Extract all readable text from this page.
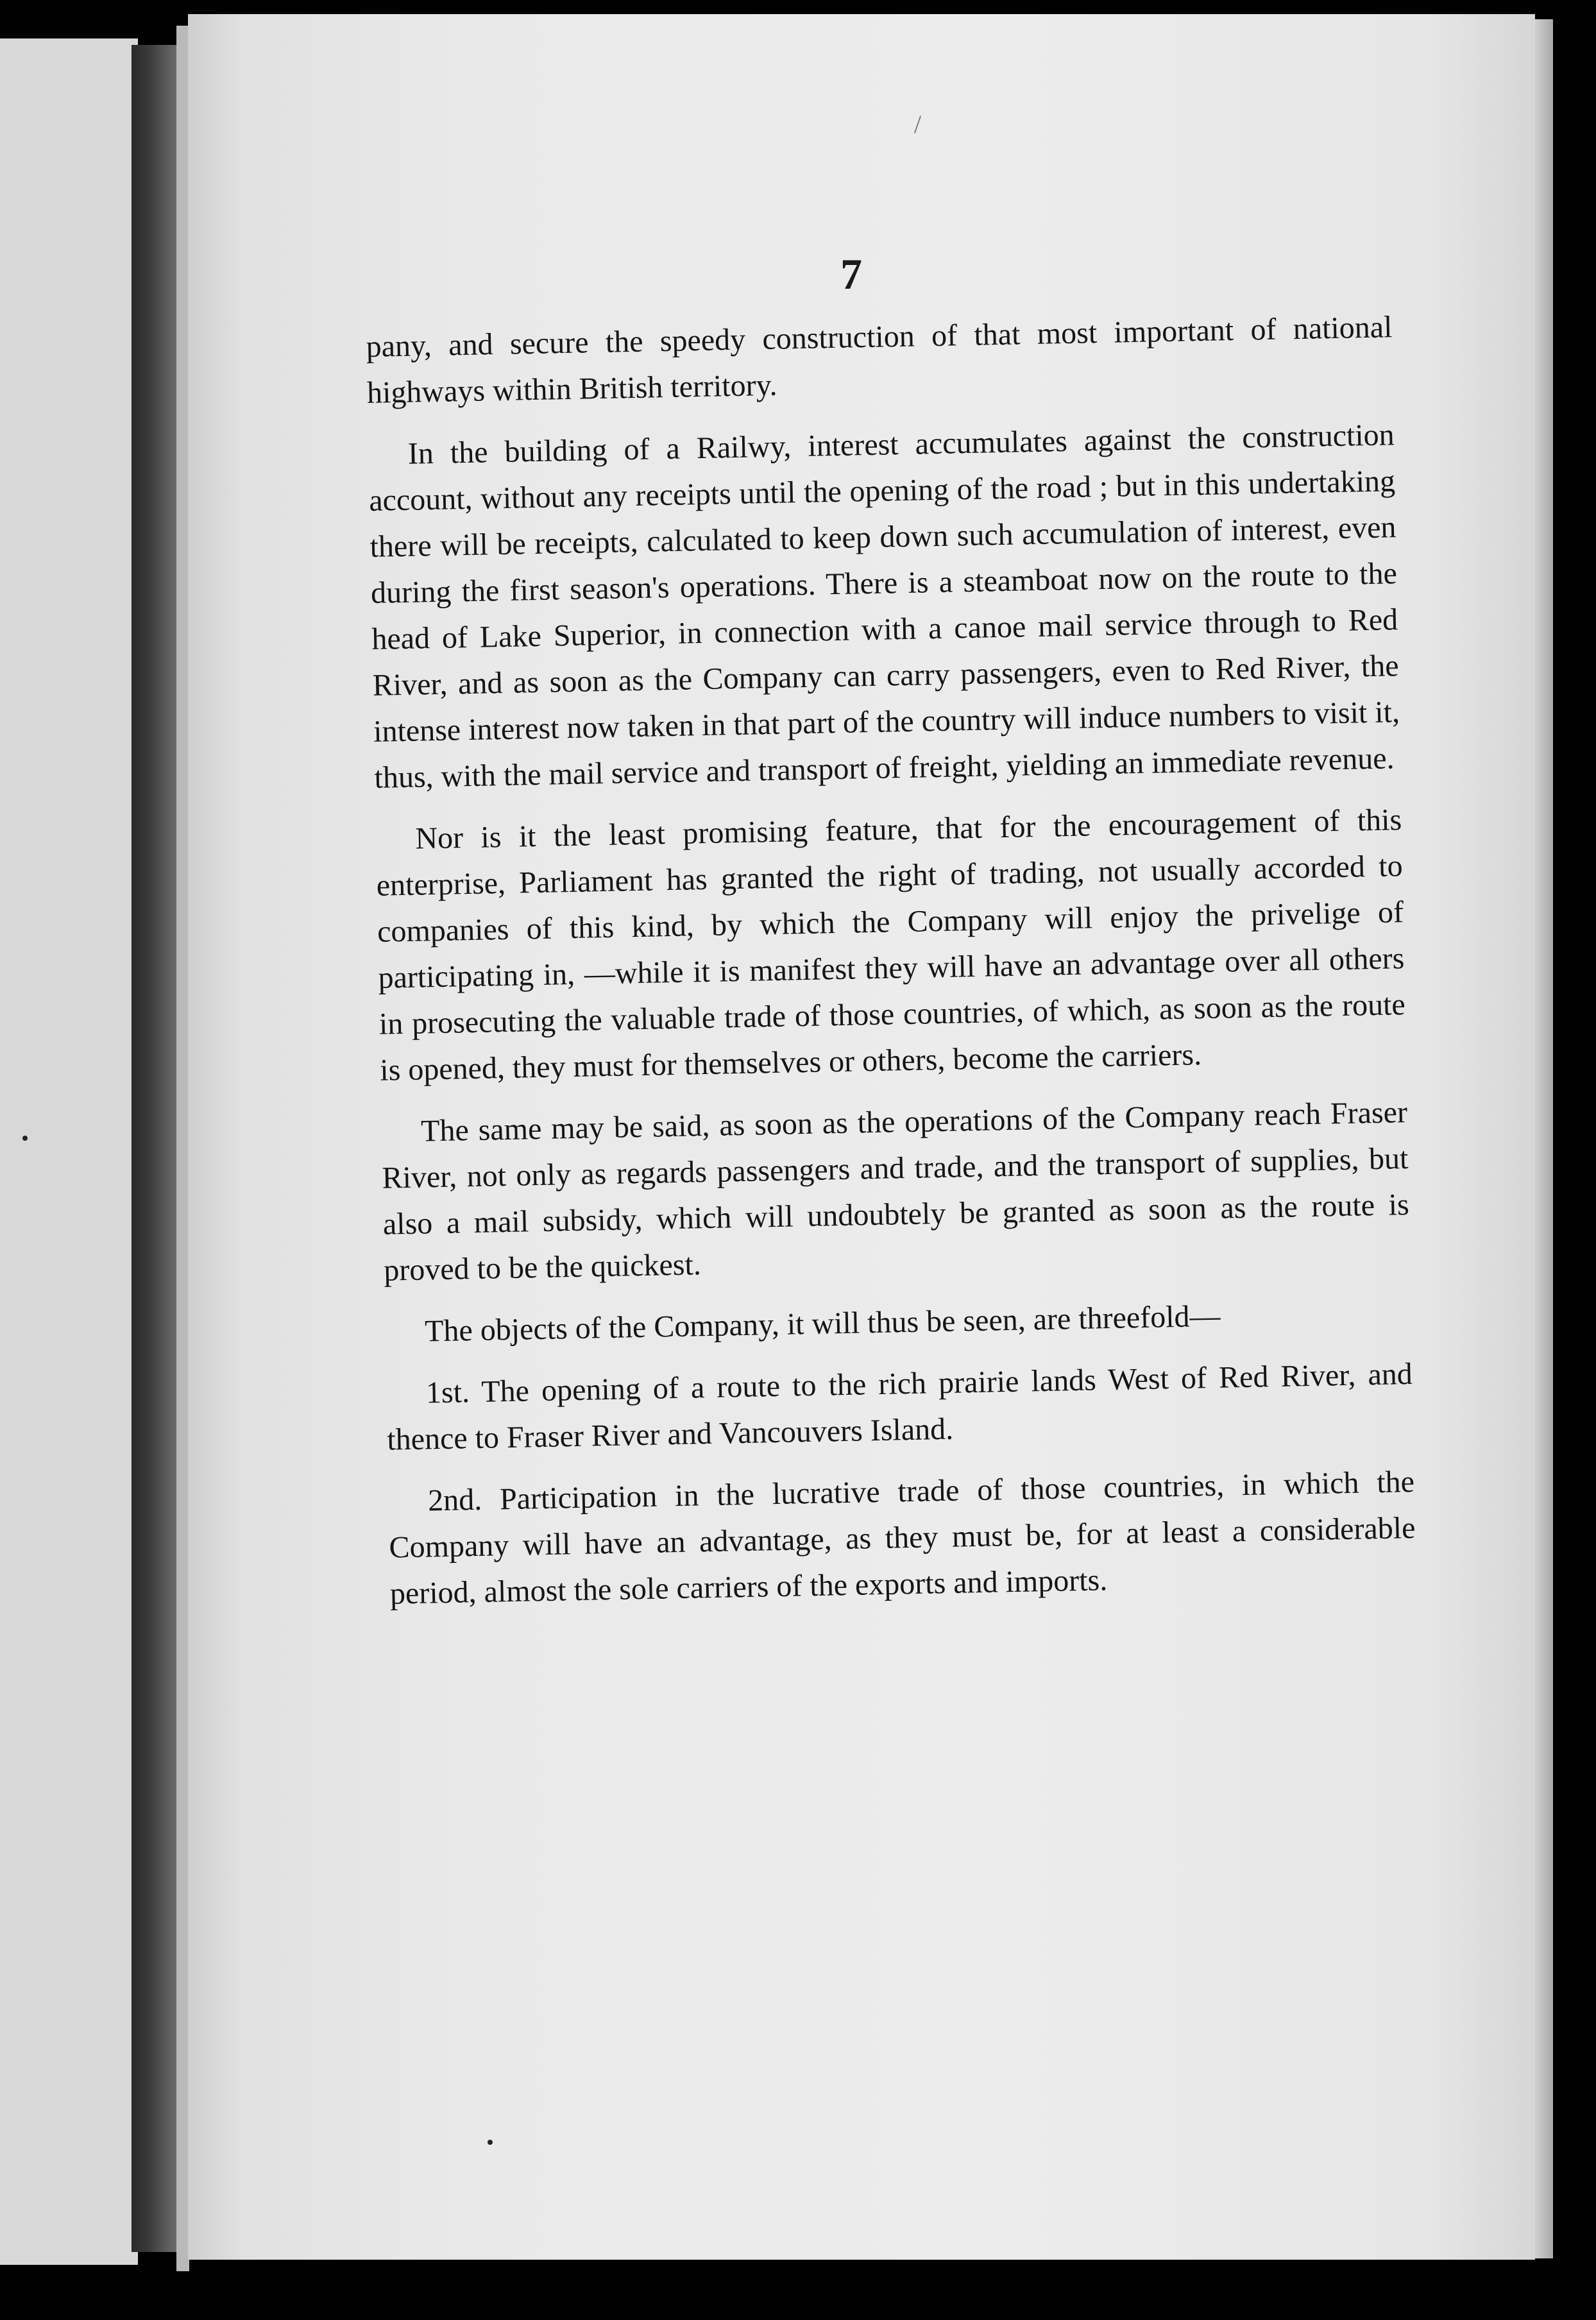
/
7

pany, and secure the speedy construction of that most important of national highways within British territory.

In the building of a Railwy, interest accumulates against the construction account, without any receipts until the opening of the road ; but in this undertaking there will be receipts, calculated to keep down such accumulation of interest, even during the first season's operations. There is a steamboat now on the route to the head of Lake Superior, in connection with a canoe mail service through to Red River, and as soon as the Company can carry passengers, even to Red River, the intense interest now taken in that part of the country will induce numbers to visit it, thus, with the mail service and transport of freight, yielding an immediate revenue.

Nor is it the least promising feature, that for the encouragement of this enterprise, Parliament has granted the right of trading, not usually accorded to companies of this kind, by which the Company will enjoy the privelige of participating in, —while it is manifest they will have an advantage over all others in prosecuting the valuable trade of those countries, of which, as soon as the route is opened, they must for themselves or others, become the carriers.

The same may be said, as soon as the operations of the Company reach Fraser River, not only as regards passengers and trade, and the transport of supplies, but also a mail subsidy, which will undoubtely be granted as soon as the route is proved to be the quickest.

The objects of the Company, it will thus be seen, are threefold—

1st. The opening of a route to the rich prairie lands West of Red River, and thence to Fraser River and Vancouvers Island.

2nd. Participation in the lucrative trade of those countries, in which the Company will have an advantage, as they must be, for at least a considerable period, almost the sole carriers of the exports and imports.
